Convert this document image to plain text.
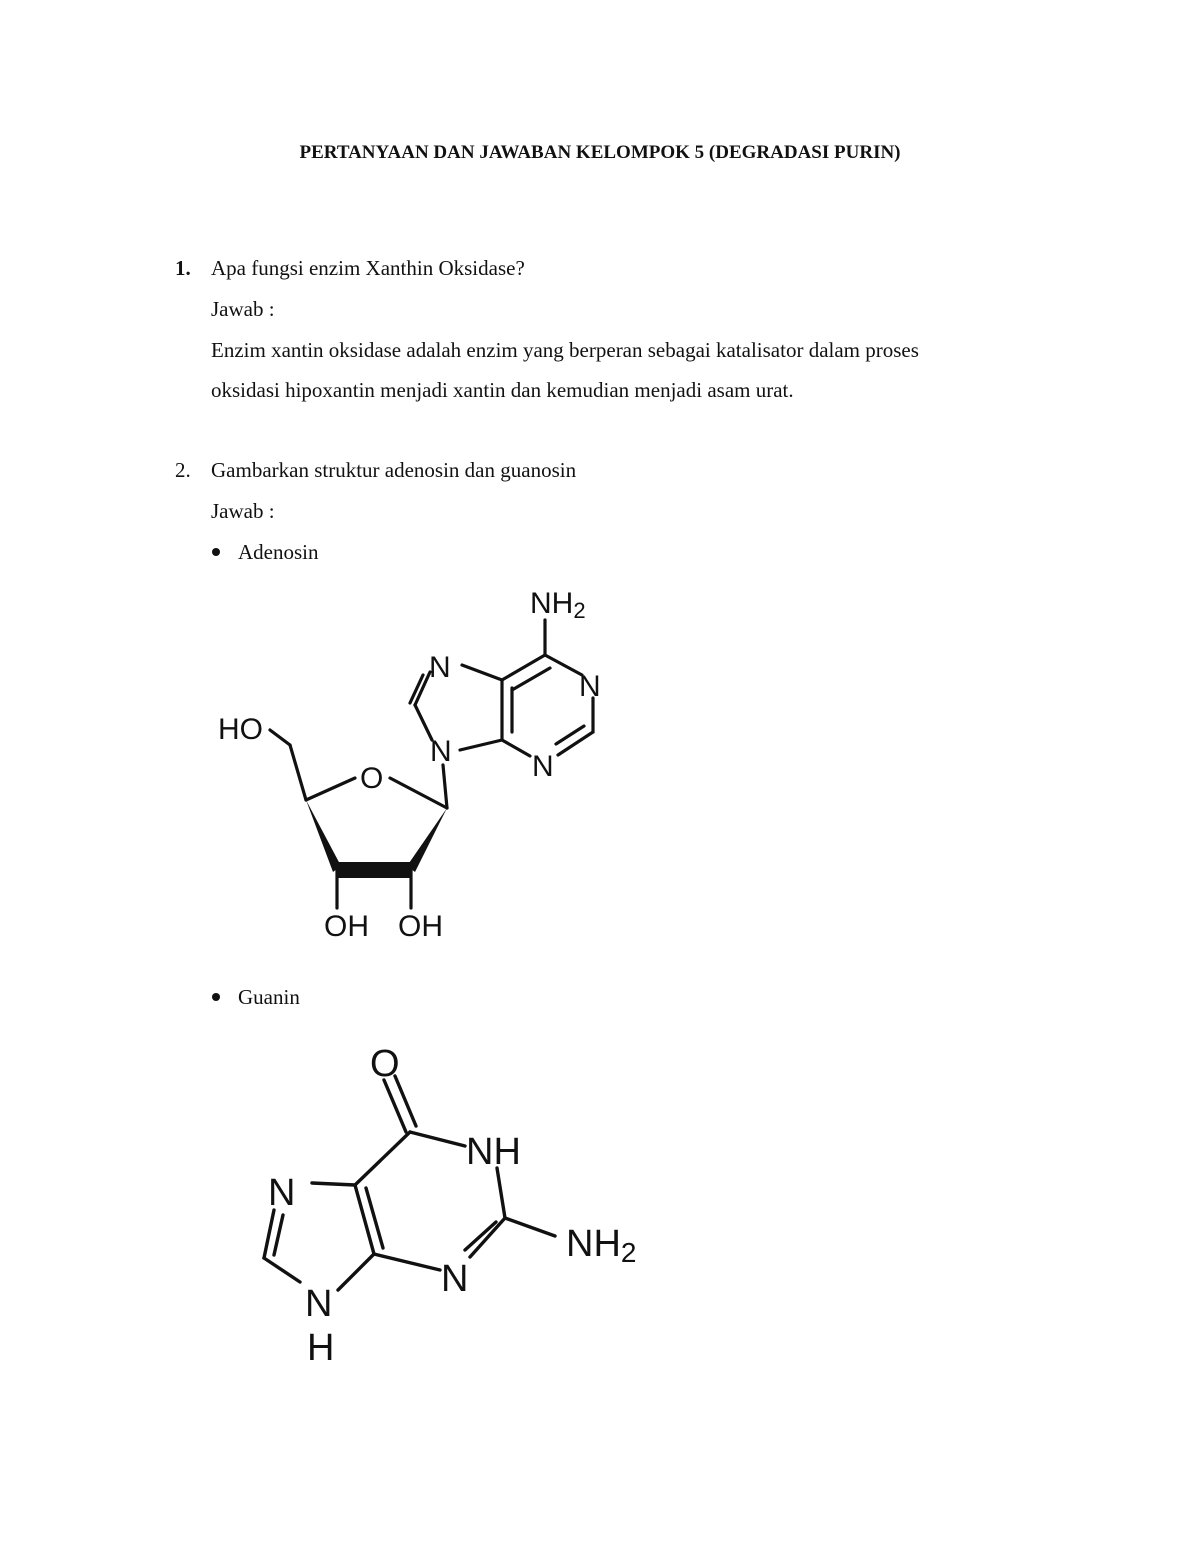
PERTANYAAN DAN JAWABAN KELOMPOK 5 (DEGRADASI PURIN)
1. Apa fungsi enzim Xanthin Oksidase?
Jawab :
Enzim xantin oksidase adalah enzim yang berperan sebagai katalisator dalam proses
oksidasi hipoxantin menjadi xantin dan kemudian menjadi asam urat.
2. Gambarkan struktur adenosin dan guanosin
Jawab :
Adenosin
NH2
N
N
N
N
O
HO
OH OH
Guanin
O
NH
NH2
N
N
N
H
